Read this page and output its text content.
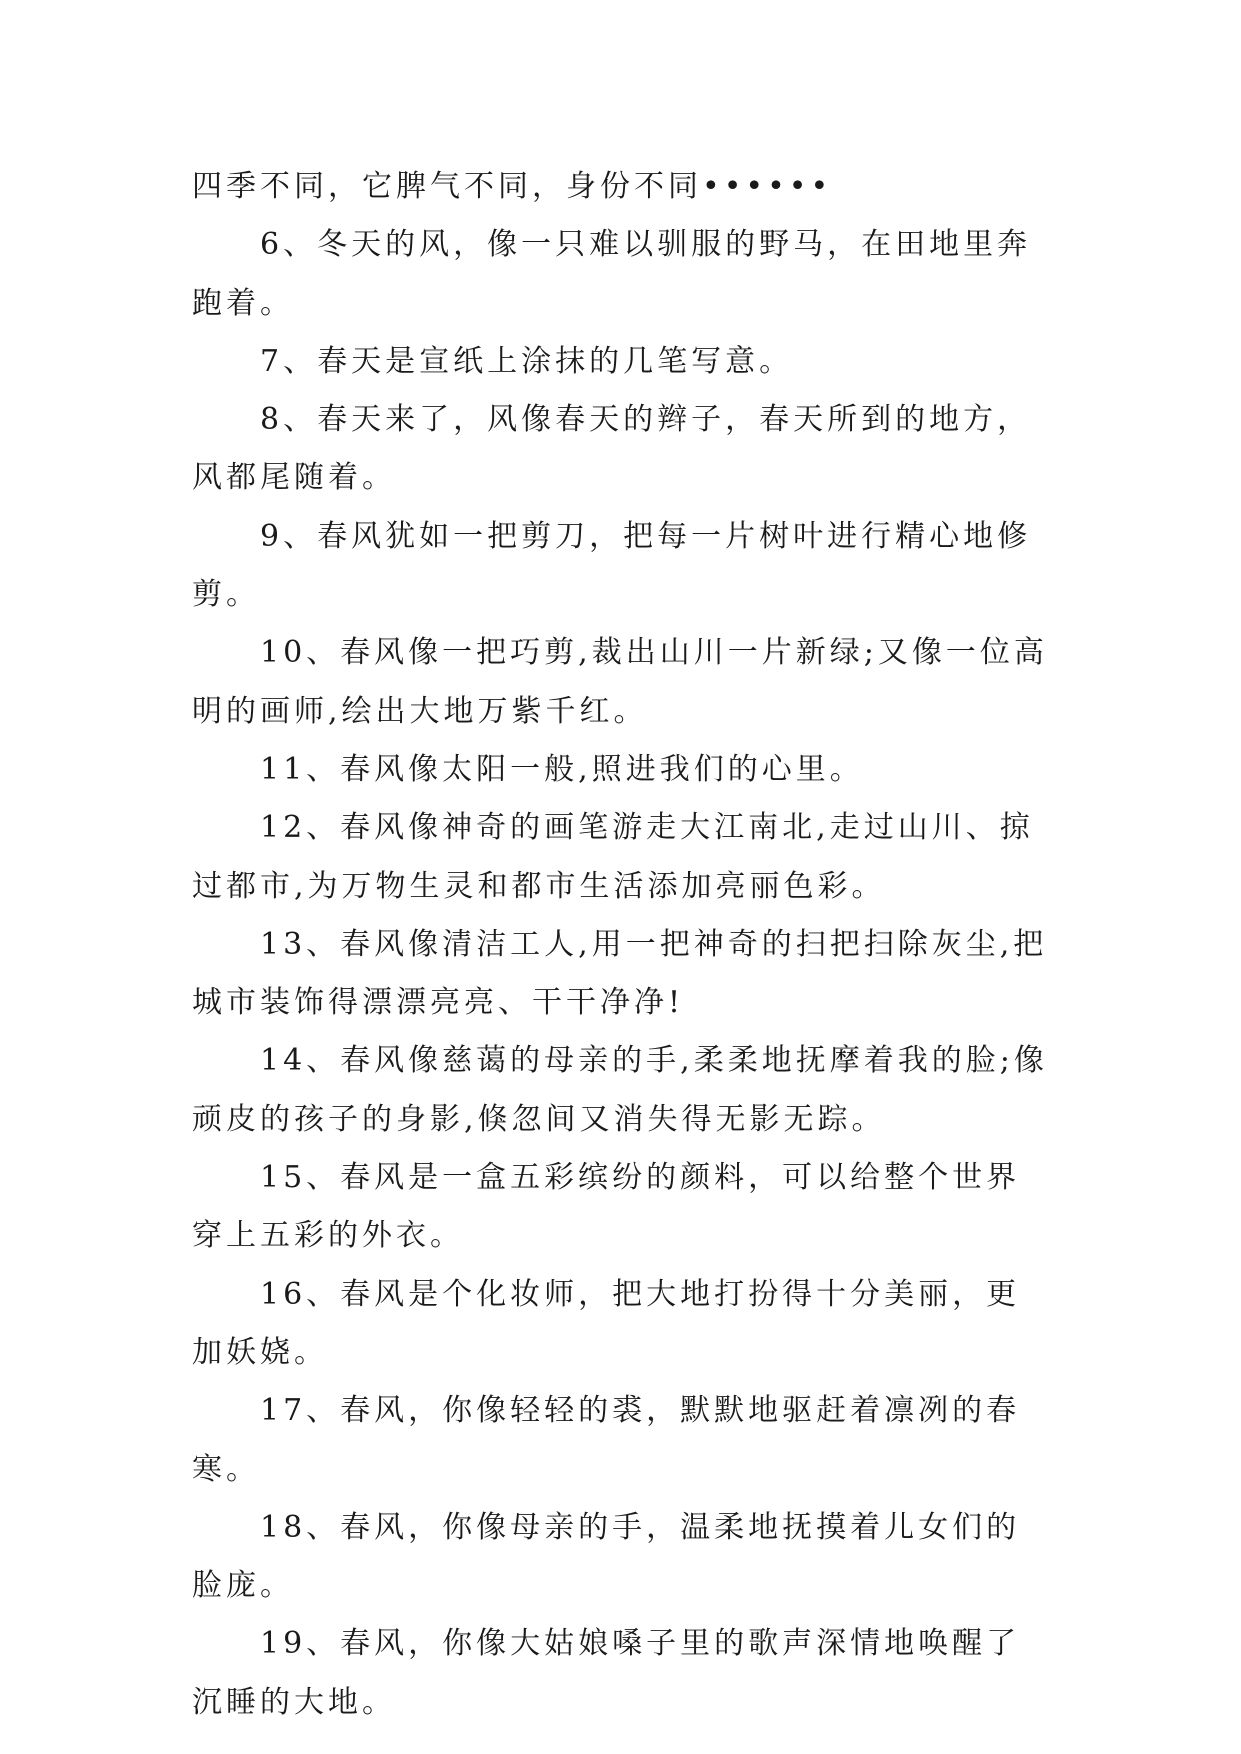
四季不同，它脾气不同，身份不同••••••

6、冬天的风，像一只难以驯服的野马，在田地里奔跑着。

7、春天是宣纸上涂抹的几笔写意。

8、春天来了，风像春天的辫子，春天所到的地方，风都尾随着。

9、春风犹如一把剪刀，把每一片树叶进行精心地修剪。

10、春风像一把巧剪,裁出山川一片新绿;又像一位高明的画师,绘出大地万紫千红。

11、春风像太阳一般,照进我们的心里。

12、春风像神奇的画笔游走大江南北,走过山川、掠过都市,为万物生灵和都市生活添加亮丽色彩。

13、春风像清洁工人,用一把神奇的扫把扫除灰尘,把城市装饰得漂漂亮亮、干干净净!

14、春风像慈蔼的母亲的手,柔柔地抚摩着我的脸;像顽皮的孩子的身影,倏忽间又消失得无影无踪。

15、春风是一盒五彩缤纷的颜料，可以给整个世界穿上五彩的外衣。

16、春风是个化妆师，把大地打扮得十分美丽，更加妖娆。

17、春风，你像轻轻的裘，默默地驱赶着凛冽的春寒。

18、春风，你像母亲的手，温柔地抚摸着儿女们的脸庞。

19、春风，你像大姑娘嗓子里的歌声深情地唤醒了沉睡的大地。
